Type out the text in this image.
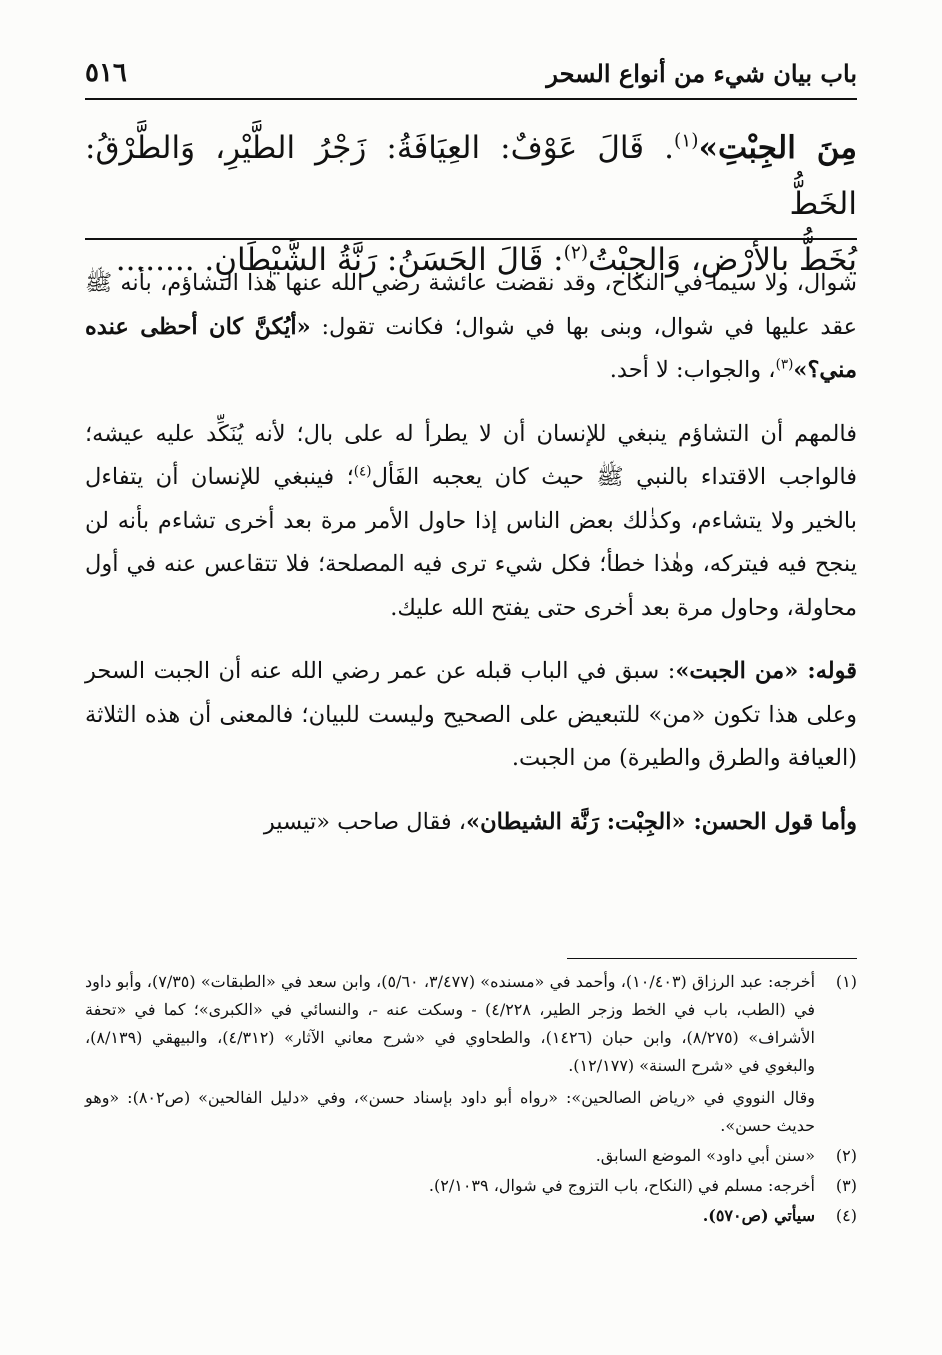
باب بيان شيء من أنواع السحر
٥١٦

مِنَ الجِبْتِ»$^{(١)}$. قَالَ عَوْفٌ: العِيَافَةُ: زَجْرُ الطَّيْرِ، وَالطَّرْقُ: الخَطُّ

يُخَطُّ بالأرْضِ، وَالجِبْتُ$^{(٢)}$: قَالَ الحَسَنُ: رَنَّةُ الشَّيْطَانِ. ........

شوال، ولا سيما في النكاح، وقد نقضت عائشة رضي الله عنها هٰذا التشاؤم، بأنه ﷺ عقد عليها في شوال، وبنى بها في شوال؛ فكانت تقول: «أيُكنَّ كان أحظى عنده مني؟»$^{(٣)}$، والجواب: لا أحد.

فالمهم أن التشاؤم ينبغي للإنسان أن لا يطرأ له على بال؛ لأنه يُنَكِّد عليه عيشه؛ فالواجب الاقتداء بالنبي ﷺ حيث كان يعجبه الفَأل$^{(٤)}$؛ فينبغي للإنسان أن يتفاءل بالخير ولا يتشاءم، وكذٰلك بعض الناس إذا حاول الأمر مرة بعد أخرى تشاءم بأنه لن ينجح فيه فيتركه، وهٰذا خطأ؛ فكل شيء ترى فيه المصلحة؛ فلا تتقاعس عنه في أول محاولة، وحاول مرة بعد أخرى حتى يفتح الله عليك.

قوله: «من الجبت»: سبق في الباب قبله عن عمر رضي الله عنه أن الجبت السحر وعلى هذا تكون «من» للتبعيض على الصحيح وليست للبيان؛ فالمعنى أن هذه الثلاثة (العيافة والطرق والطيرة) من الجبت.

وأما قول الحسن: «الجِبْت: رَنَّة الشيطان»، فقال صاحب «تيسير

(١)

أخرجه: عبد الرزاق (١٠/٤٠٣)، وأحمد في «مسنده» (٣/٤٧٧، ٥/٦٠)، وابن سعد في «الطبقات» (٧/٣٥)، وأبو داود في (الطب، باب في الخط وزجر الطير، ٤/٢٢٨) - وسكت عنه -، والنسائي في «الكبرى»؛ كما في «تحفة الأشراف» (٨/٢٧٥)، وابن حبان (١٤٢٦)، والطحاوي في «شرح معاني الآثار» (٤/٣١٢)، والبيهقي (٨/١٣٩)، والبغوي في «شرح السنة» (١٢/١٧٧).

وقال النووي في «رياض الصالحين»: «رواه أبو داود بإسناد حسن»، وفي «دليل الفالحين» (ص٨٠٢): «وهو حديث حسن».

(٢)
«سنن أبي داود» الموضع السابق.
(٣)
أخرجه: مسلم في (النكاح، باب التزوج في شوال، ٢/١٠٣٩).
(٤)
سيأتي (ص٥٧٠).
